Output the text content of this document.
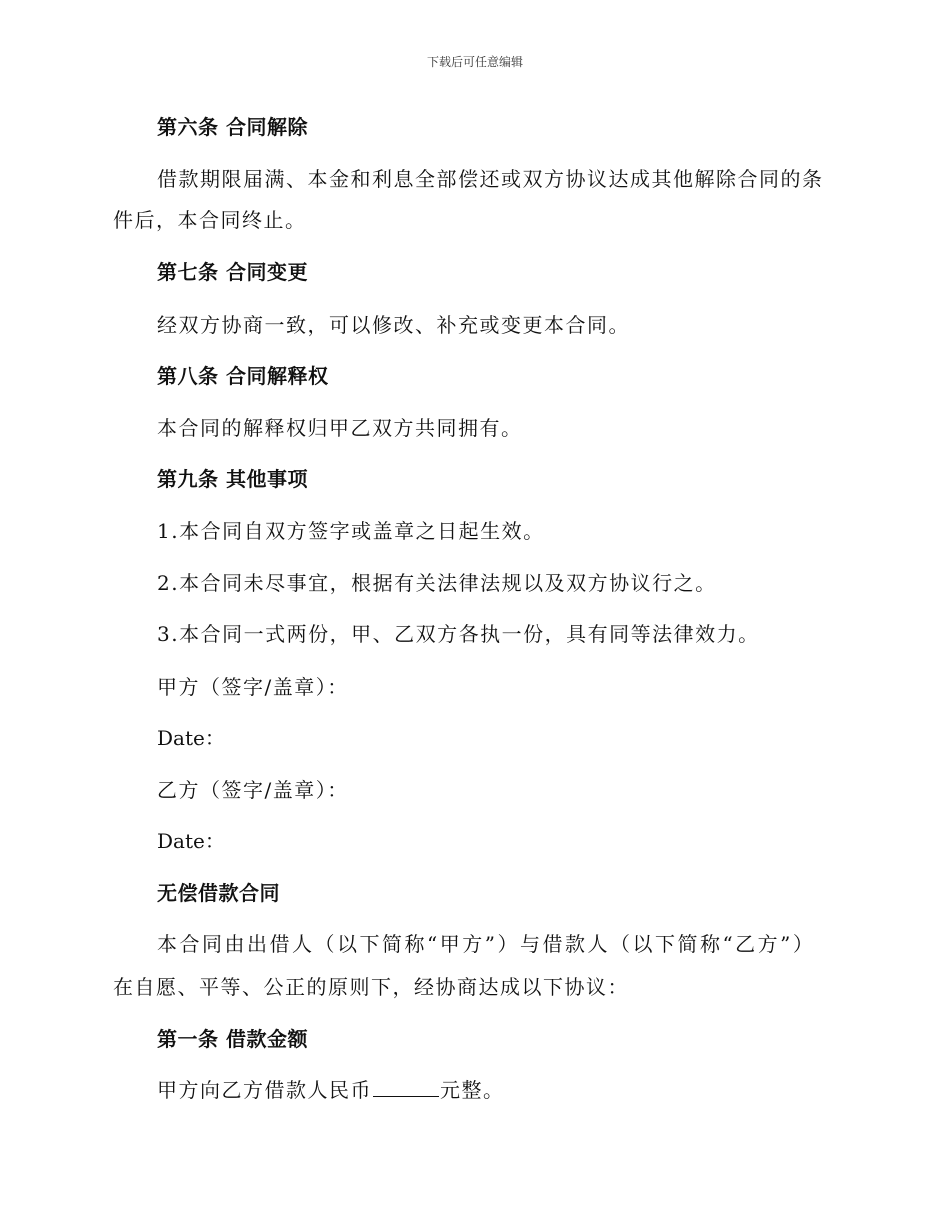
下载后可任意编辑
第六条 合同解除
借款期限届满、本金和利息全部偿还或双方协议达成其他解除合同的条
件后，本合同终止。
第七条 合同变更
经双方协商一致，可以修改、补充或变更本合同。
第八条 合同解释权
本合同的解释权归甲乙双方共同拥有。
第九条 其他事项
1.本合同自双方签字或盖章之日起生效。
2.本合同未尽事宜，根据有关法律法规以及双方协议行之。
3.本合同一式两份，甲、乙双方各执一份，具有同等法律效力。
甲方（签字/盖章）：
Date：
乙方（签字/盖章）：
Date：
无偿借款合同
本合同由出借人（以下简称“甲方”）与借款人（以下简称“乙方”）
在自愿、平等、公正的原则下，经协商达成以下协议：
第一条 借款金额
甲方向乙方借款人民币	元整。
